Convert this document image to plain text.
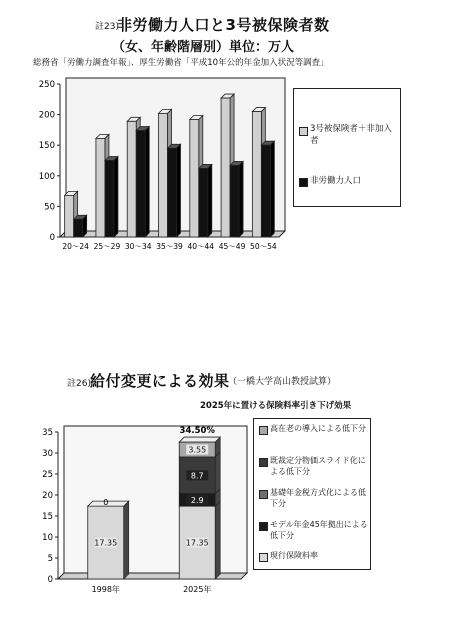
註23)
非労働力人口と3号被保険者数
（女、年齢階層別）単位：万人
総務省「労働力調査年報」、厚生労働省「平成10年公的年金加入状況等調査」
0
50
100
150
200
250
20～24 25～29 30～34 35～39 40～44 45～49 50～54
3号被保険者＋非加入者
非労働力人口
註26) 給付変更による効果
（一橋大学高山教授試算）
2025年に置ける保険料率引き下げ効果
0
5
10
15
20
25
30
35
1998年
17.35
0
2025年
17.35
2.9
8.7
3.55
34.50%	高在老の導入による低下分
既裁定分物価スライド化による低下分
基礎年金税方式化による低下分
モデル年金45年拠出による低下分
現行保険料率
